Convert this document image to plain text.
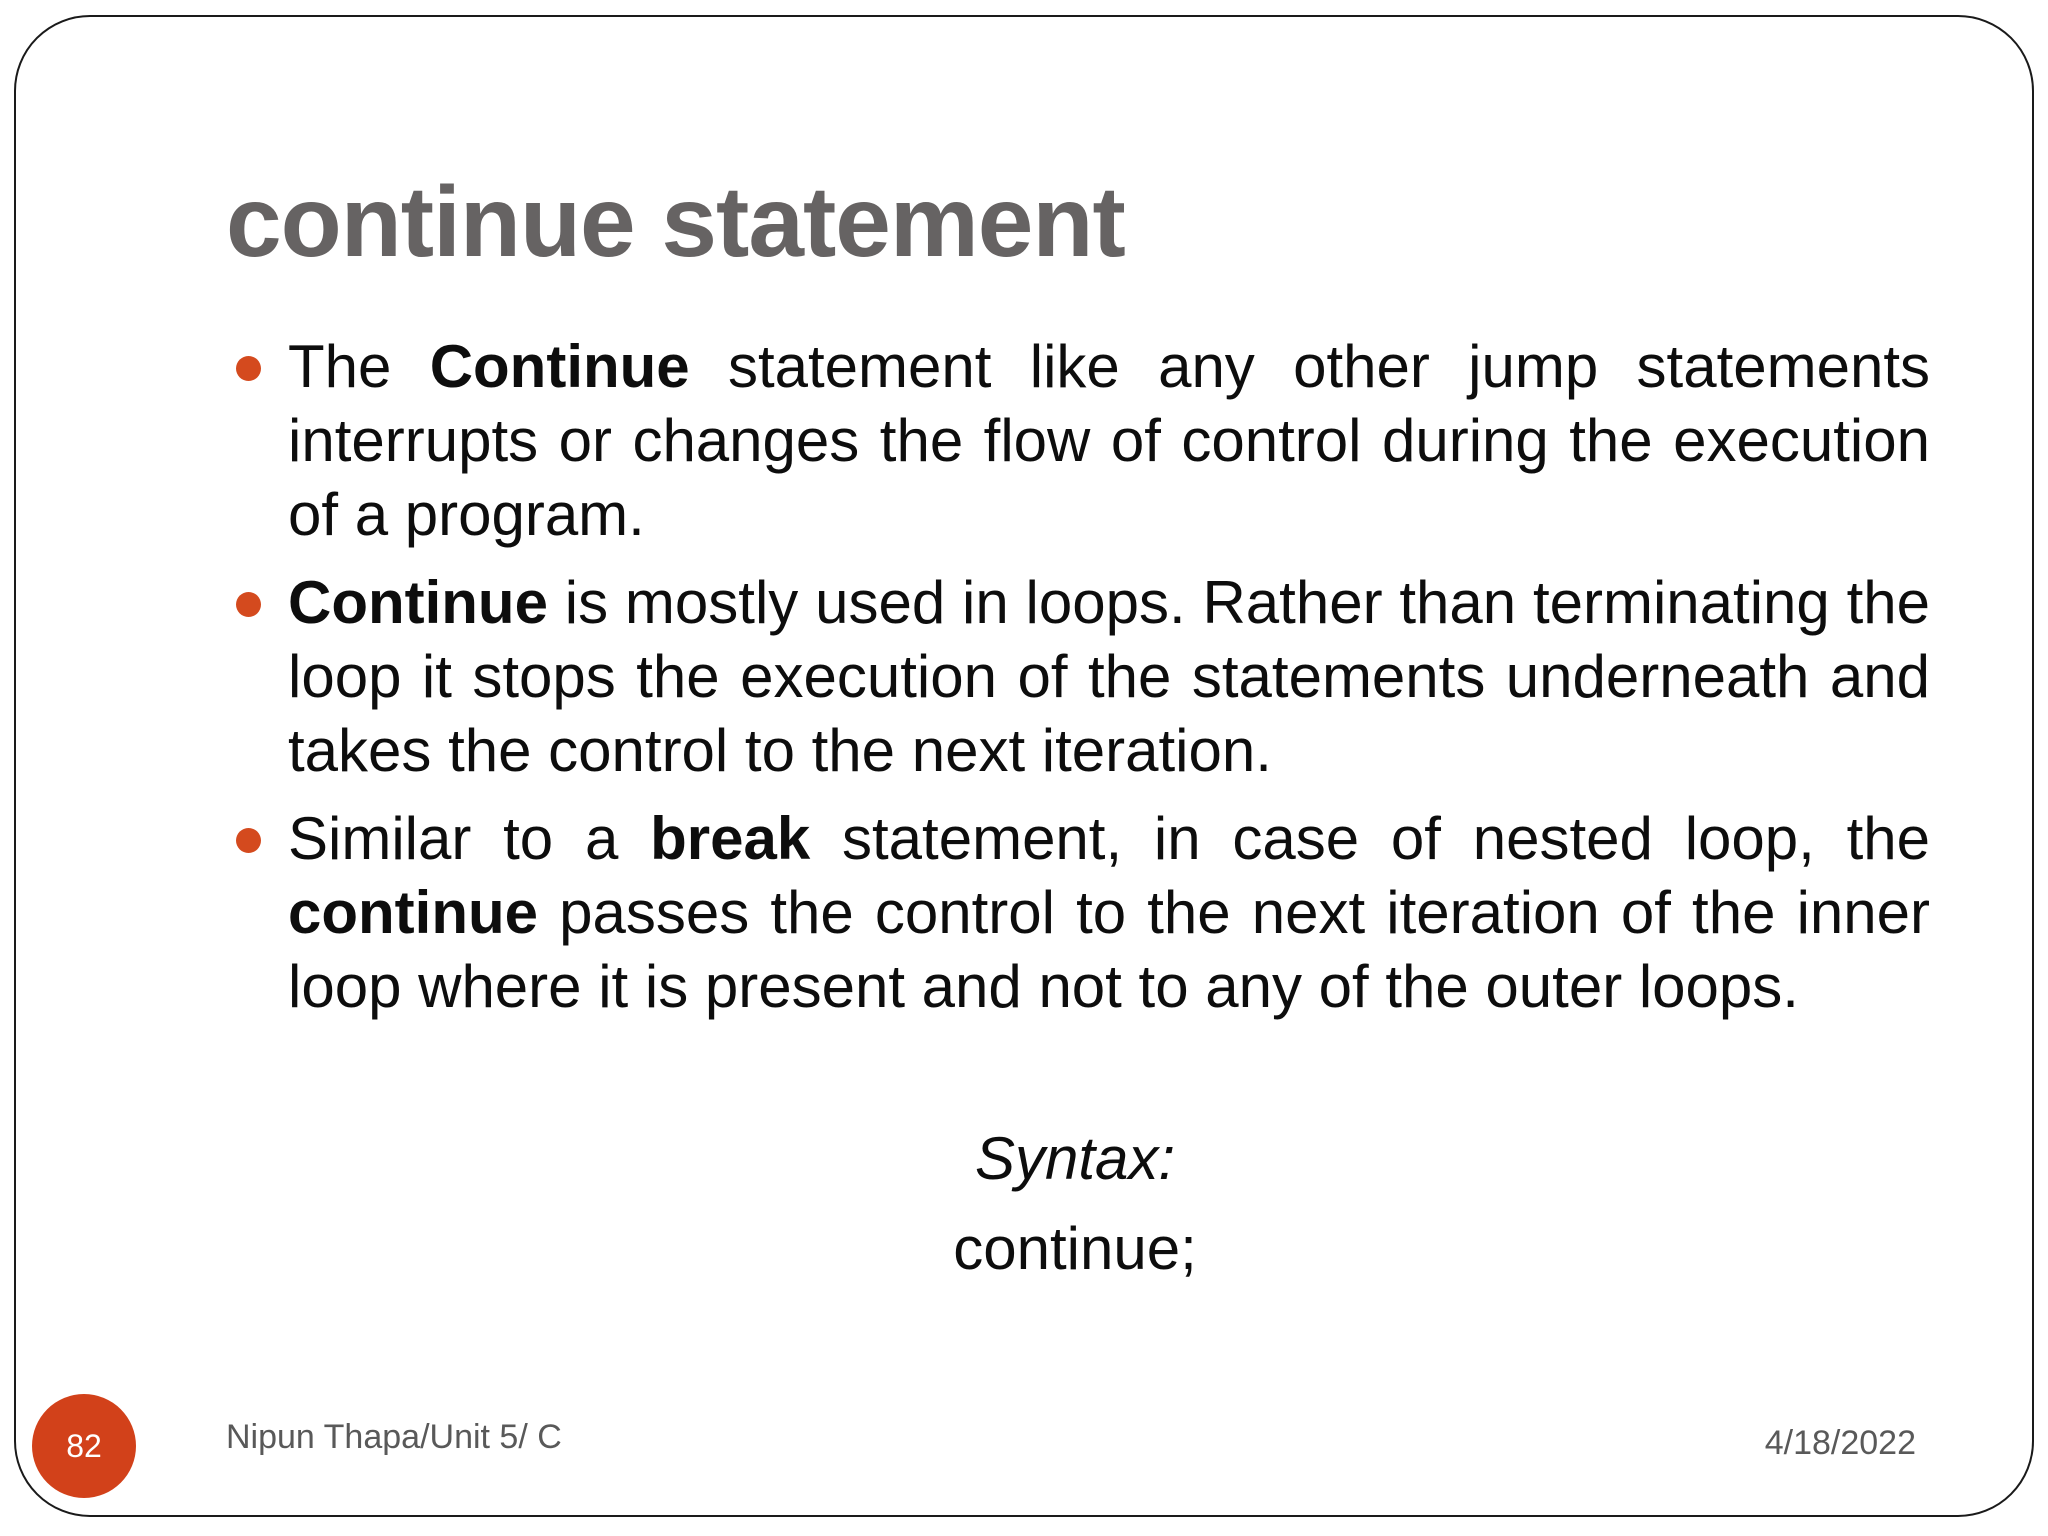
continue statement
The Continue statement like any other jump statements interrupts or changes the flow of control during the execution of a program.
Continue is mostly used in loops. Rather than terminating the loop it stops the execution of the statements underneath and takes the control to the next iteration.
Similar to a break statement, in case of nested loop, the continue passes the control to the next iteration of the inner loop where it is present and not to any of the outer loops.

Syntax:

continue;

82	Nipun Thapa/Unit 5/ C	4/18/2022
